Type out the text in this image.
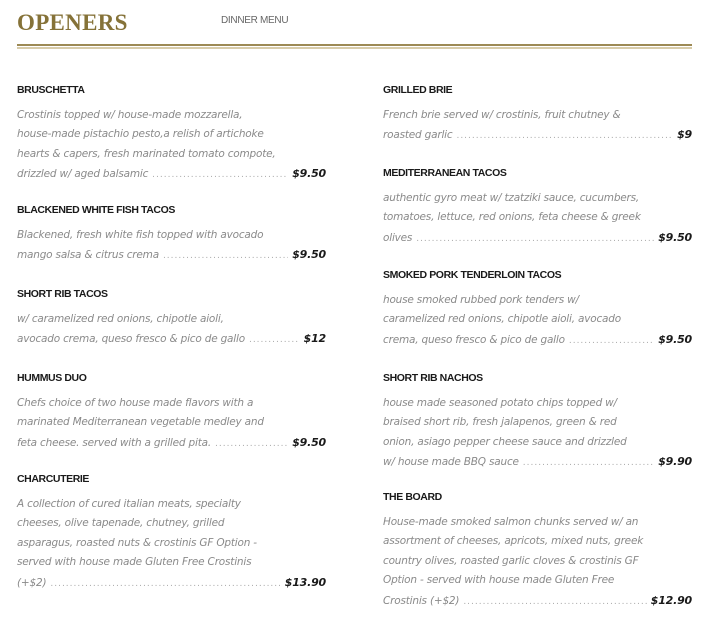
OPENERS	DINNER MENU
BRUSCHETTA
Crostinis topped w/ house-made mozzarella,
house-made pistachio pesto,a relish of artichoke
hearts & capers, fresh marinated tomato compote,
drizzled w/ aged balsamic .....	$9.50
BLACKENED WHITE FISH TACOS
Blackened, fresh white fish topped with avocado
mango salsa & citrus crema .....	$9.50
SHORT RIB TACOS
w/ caramelized red onions, chipotle aioli,
avocado crema, queso fresco & pico de gallo .....	$12
HUMMUS DUO
Chefs choice of two house made flavors with a
marinated Mediterranean vegetable medley and
feta cheese. served with a grilled pita. .....	$9.50
CHARCUTERIE
A collection of cured italian meats, specialty
cheeses, olive tapenade, chutney, grilled
asparagus, roasted nuts & crostinis GF Option -
served with house made Gluten Free Crostinis
(+$2) .....	$13.90
GRILLED BRIE
French brie served w/ crostinis, fruit chutney &
roasted garlic .....	$9
MEDITERRANEAN TACOS
authentic gyro meat w/ tzatziki sauce, cucumbers,
tomatoes, lettuce, red onions, feta cheese & greek
olives .....	$9.50
SMOKED PORK TENDERLOIN TACOS
house smoked rubbed pork tenders w/
caramelized red onions, chipotle aioli, avocado
crema, queso fresco & pico de gallo .....	$9.50
SHORT RIB NACHOS
house made seasoned potato chips topped w/
braised short rib, fresh jalapenos, green & red
onion, asiago pepper cheese sauce and drizzled
w/ house made BBQ sauce .....	$9.90
THE BOARD
House-made smoked salmon chunks served w/ an
assortment of cheeses, apricots, mixed nuts, greek
country olives, roasted garlic cloves & crostinis GF
Option - served with house made Gluten Free
Crostinis (+$2) .....	$12.90
